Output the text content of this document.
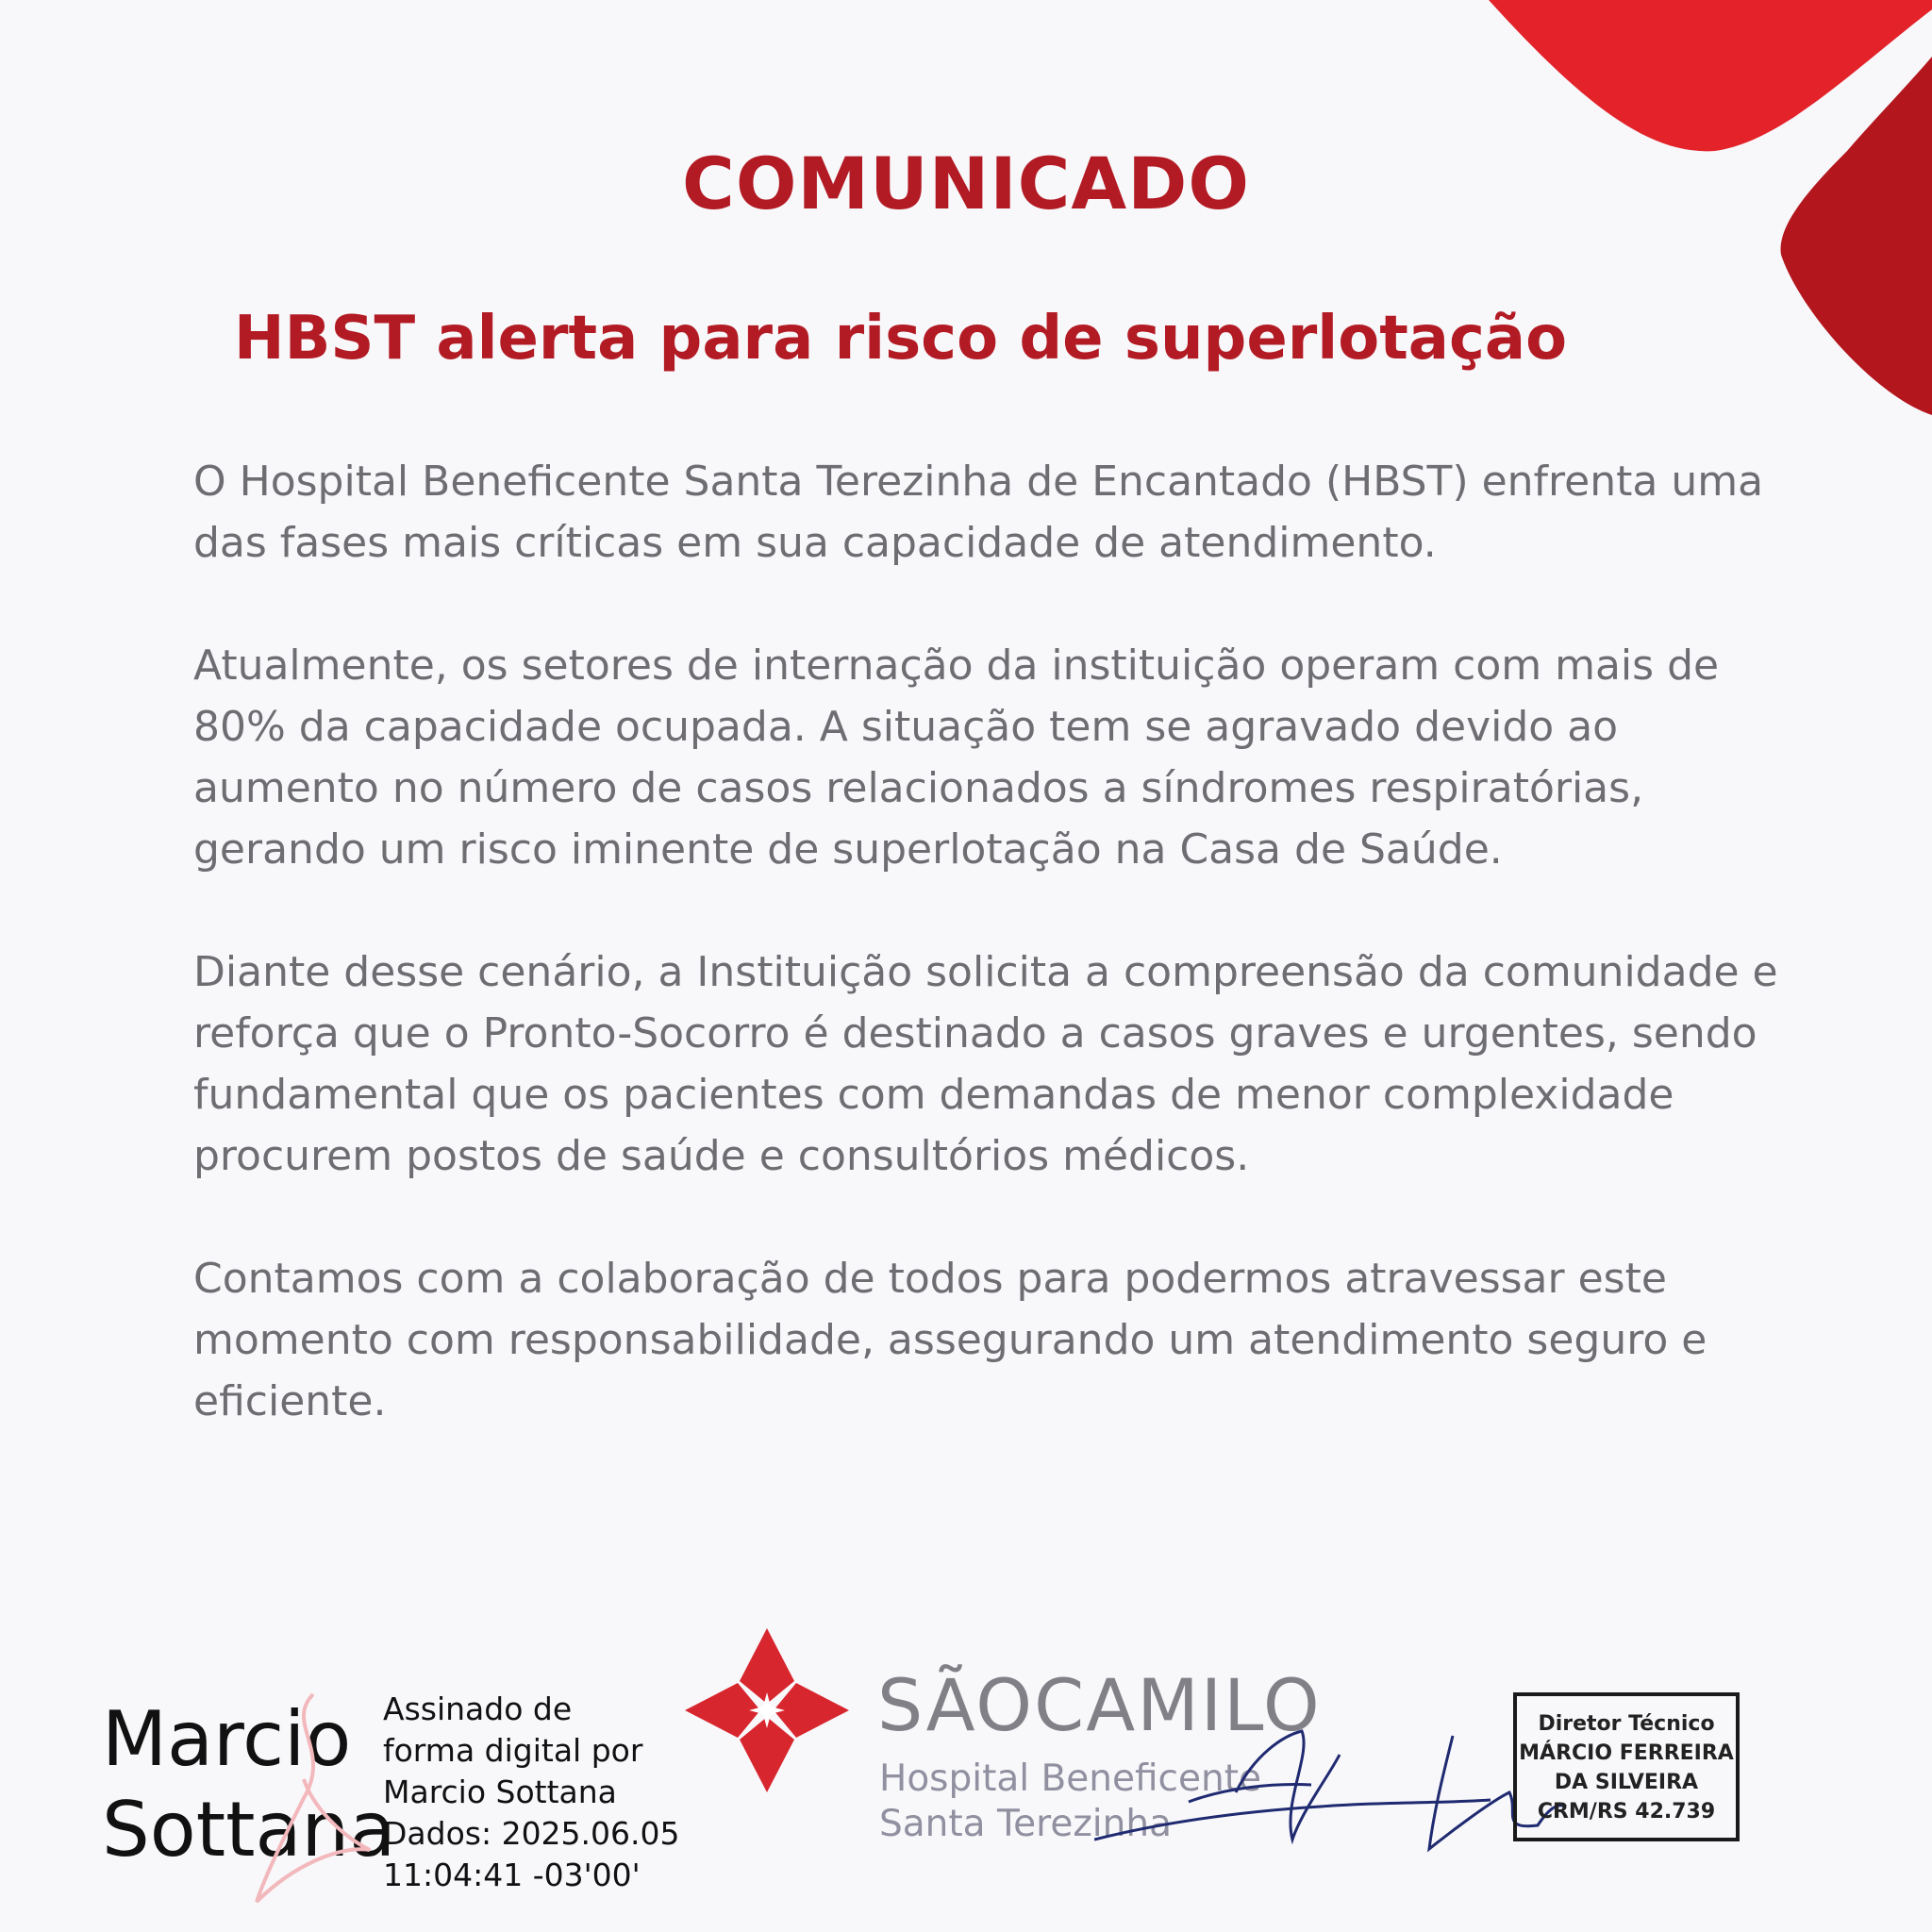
COMUNICADO
HBST alerta para risco de superlotação

O Hospital Beneficente Santa Terezinha de Encantado (HBST) enfrenta uma das fases mais críticas em sua capacidade de atendimento.

Atualmente, os setores de internação da instituição operam com mais de 80% da capacidade ocupada. A situação tem se agravado devido ao aumento no número de casos relacionados a síndromes respiratórias, gerando um risco iminente de superlotação na Casa de Saúde.

Diante desse cenário, a Instituição solicita a compreensão da comunidade e reforça que o Pronto-Socorro é destinado a casos graves e urgentes, sendo fundamental que os pacientes com demandas de menor complexidade procurem postos de saúde e consultórios médicos.

Contamos com a colaboração de todos para podermos atravessar este momento com responsabilidade, assegurando um atendimento seguro e eficiente.

Marcio
Sottana
Assinado de
forma digital por
Marcio Sottana
Dados: 2025.06.05
11:04:41 -03'00'
SÃOCAMILO
Hospital Beneficente
Santa Terezinha
Diretor Técnico
MÁRCIO FERREIRA
DA SILVEIRA
CRM/RS 42.739
